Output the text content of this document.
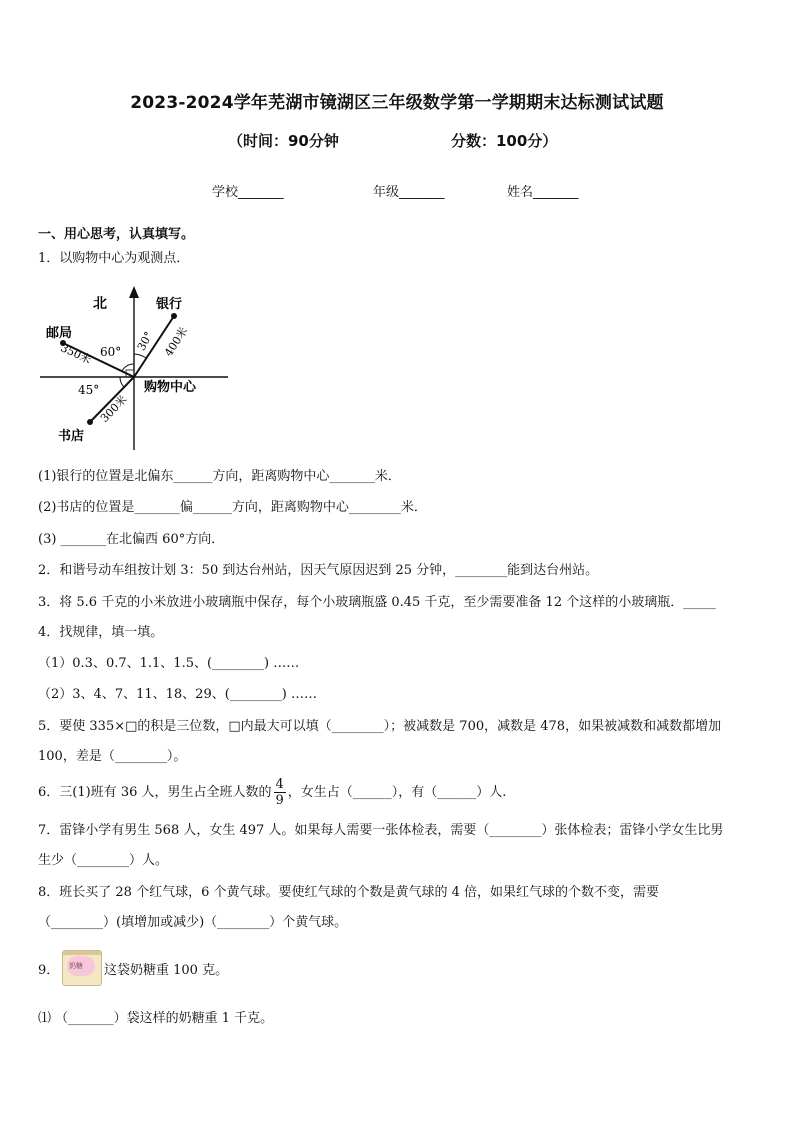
2023-2024学年芜湖市镜湖区三年级数学第一学期期末达标测试试题
（时间：90分钟	分数：100分）
学校_______	年级_______	姓名_______
一、用心思考，认真填写。
1．以购物中心为观测点．
北	银行
邮局
书店
购物中心
30°
60°
45°
400米
350米
300米
(1)银行的位置是北偏东______方向，距离购物中心_______米．
(2)书店的位置是_______偏______方向，距离购物中心________米．
(3) _______在北偏西 60°方向．
2．和谐号动车组按计划 3：50 到达台州站，因天气原因迟到 25 分钟，________能到达台州站。
3．将 5.6 千克的小米放进小玻璃瓶中保存，每个小玻璃瓶盛 0.45 千克，至少需要准备 12 个这样的小玻璃瓶．_____
4．找规律，填一填。
（1）0.3、0.7、1.1、1.5、(________) ……
（2）3、4、7、11、18、29、(________) ……
5．要使 335×□的积是三位数，□内最大可以填（________）；被减数是 700，减数是 478，如果被减数和减数都增加
100，差是（________）。
6．三(1)班有 36 人，男生占全班人数的 $\frac{4}{9}$ ，女生占（______），有（______）人.
7．雷锋小学有男生 568 人，女生 497 人。如果每人需要一张体检表，需要（________）张体检表；雷锋小学女生比男
生少（________）人。
8．班长买了 28 个红气球，6 个黄气球。要使红气球的个数是黄气球的 4 倍，如果红气球的个数不变，需要
（________）(填增加或减少)（________）个黄气球。
9． 奶糖 这袋奶糖重 100 克。
⑴ （_______）袋这样的奶糖重 1 千克。
